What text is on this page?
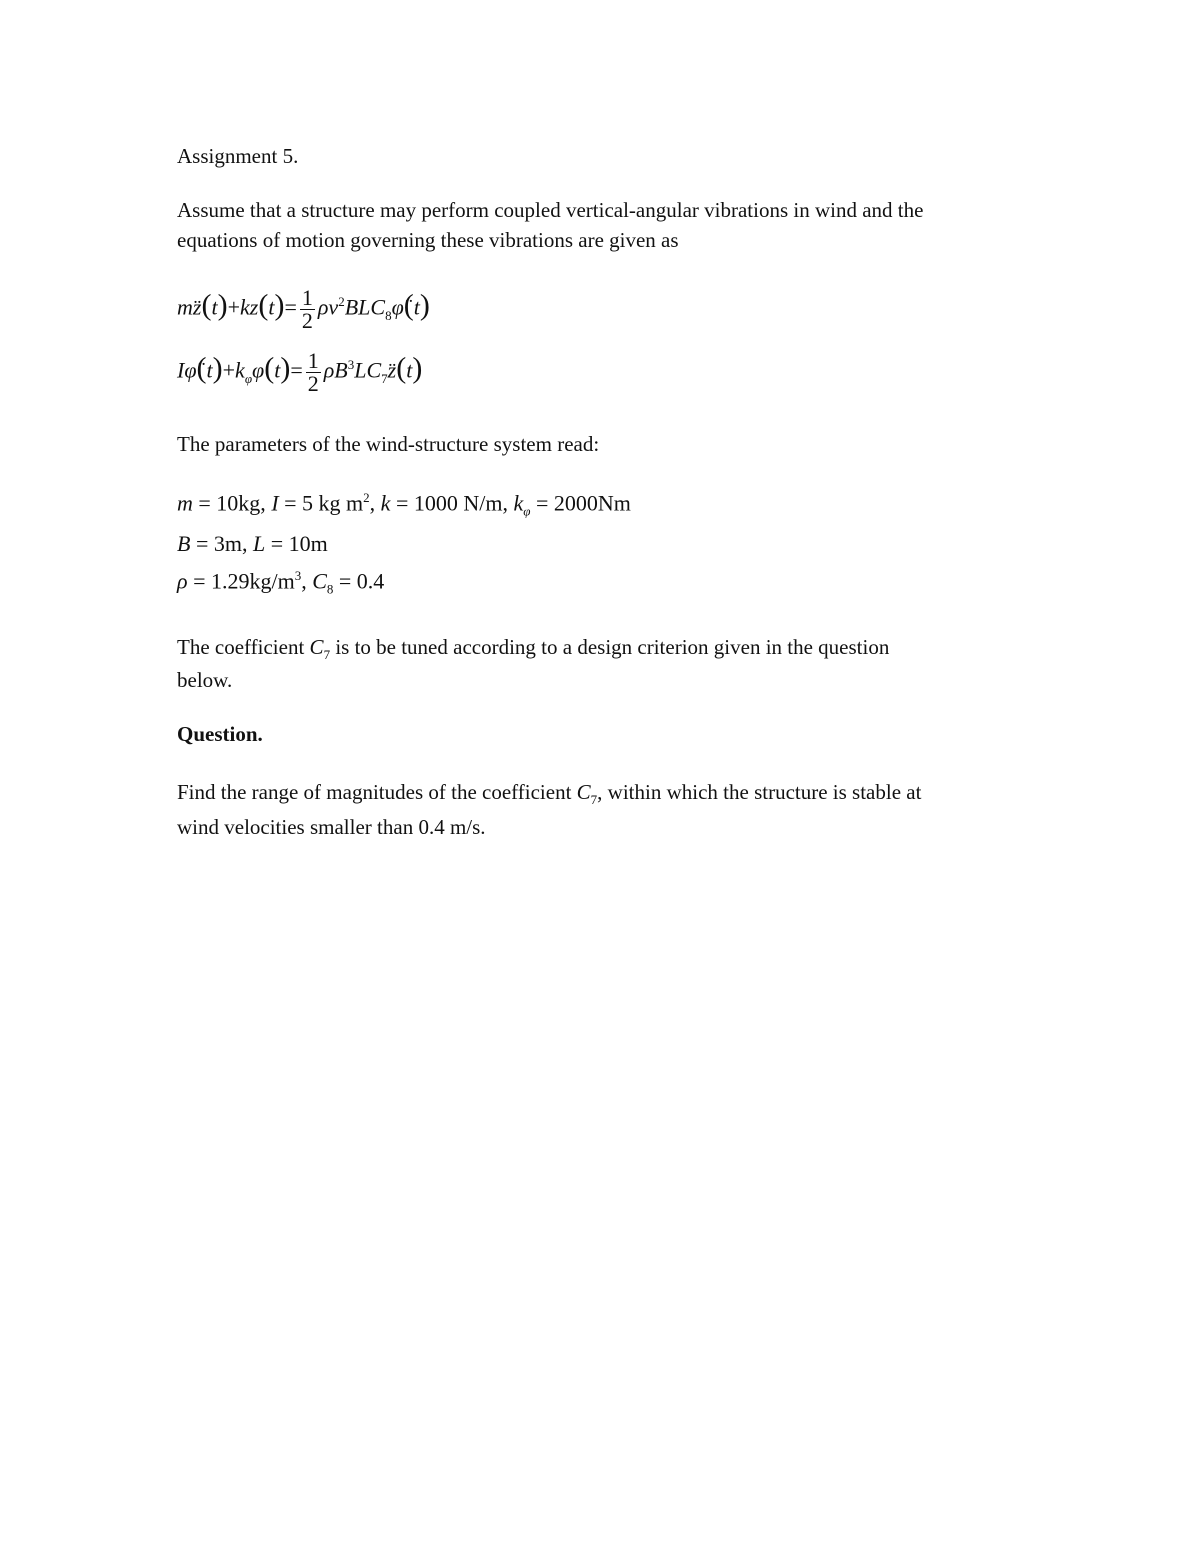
Assignment 5.
Assume that a structure may perform coupled vertical-angular vibrations in wind and the
equations of motion governing these vibrations are given as
mz̈(t)+kz(t)= $\frac{1}{2}$ $\rho v^2BLC_8\varphï(t)$
$I\varphï(t)+k_\varphi\varphi(t)= \frac{1}{2}$ $\rho B^3LC_7z̈(t)$
The parameters of the wind-structure system read:
m = 10kg, I = 5 kg $m^2$, k = 1000 N/m, $k_\varphi = 2000Nm$
B = 3m, L = 10m
$\rho = 1.29kg/m^3$, $C_8 = 0.4$
The coefficient $C_7$ is to be tuned according to a design criterion given in the question
below.
Question.
Find the range of magnitudes of the coefficient $C_7$, within which the structure is stable at
wind velocities smaller than 0.4 m/s.
